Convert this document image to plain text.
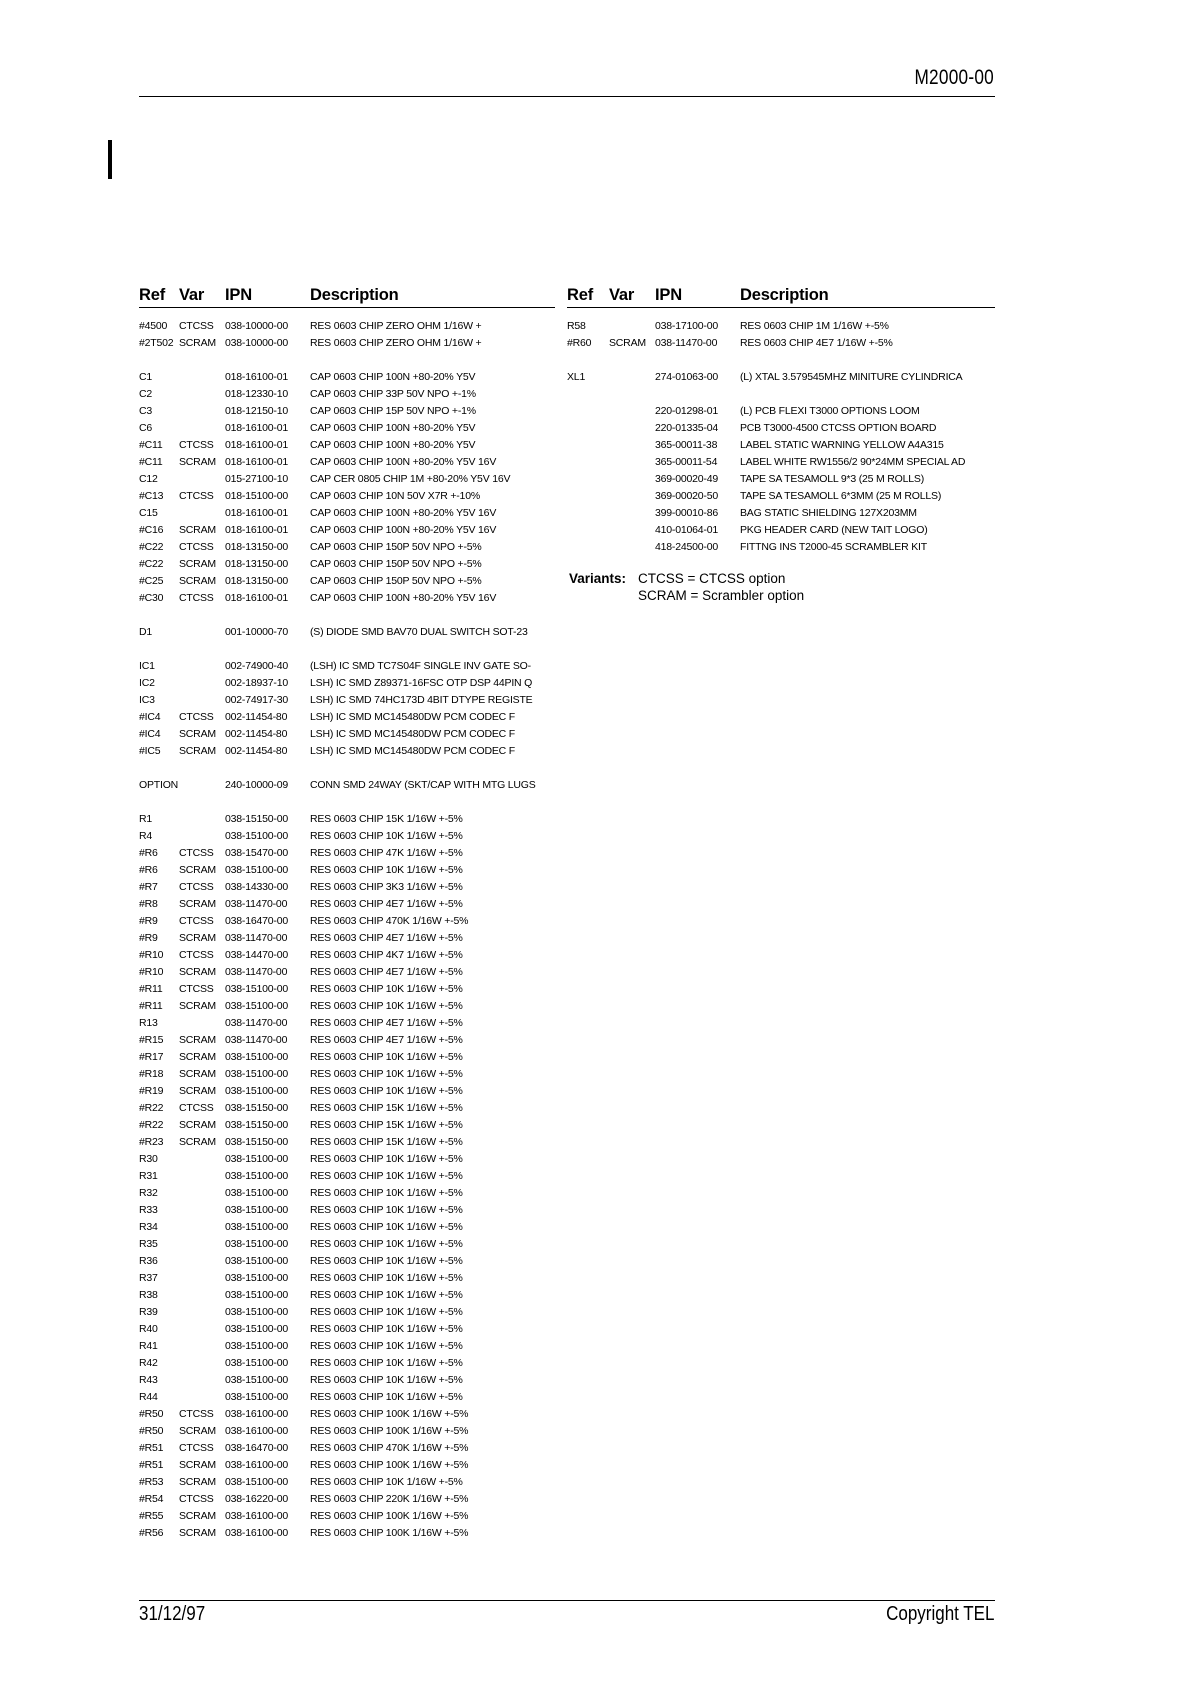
M2000-00
Ref Var IPN	Description
#4500 CTCSS 038-10000-00 RES 0603 CHIP ZERO OHM 1/16W +
#2T502 SCRAM 038-10000-00 RES 0603 CHIP ZERO OHM 1/16W +
C1	018-16100-01 CAP 0603 CHIP 100N +80-20% Y5V
C2	018-12330-10 CAP 0603 CHIP 33P 50V NPO +-1%
C3	018-12150-10 CAP 0603 CHIP 15P 50V NPO +-1%
C6	018-16100-01 CAP 0603 CHIP 100N +80-20% Y5V
#C11 CTCSS 018-16100-01 CAP 0603 CHIP 100N +80-20% Y5V
#C11 SCRAM 018-16100-01 CAP 0603 CHIP 100N +80-20% Y5V 16V
C12	015-27100-10 CAP CER 0805 CHIP 1M +80-20% Y5V 16V
#C13 CTCSS 018-15100-00 CAP 0603 CHIP 10N 50V X7R +-10%
C15	018-16100-01 CAP 0603 CHIP 100N +80-20% Y5V 16V
#C16 SCRAM 018-16100-01 CAP 0603 CHIP 100N +80-20% Y5V 16V
#C22 CTCSS 018-13150-00 CAP 0603 CHIP 150P 50V NPO +-5%
#C22 SCRAM 018-13150-00 CAP 0603 CHIP 150P 50V NPO +-5%
#C25 SCRAM 018-13150-00 CAP 0603 CHIP 150P 50V NPO +-5%
#C30 CTCSS 018-16100-01 CAP 0603 CHIP 100N +80-20% Y5V 16V
D1	001-10000-70 (S) DIODE SMD BAV70 DUAL SWITCH SOT-23
IC1	002-74900-40 (LSH) IC SMD TC7S04F SINGLE INV GATE SO-
IC2	002-18937-10 LSH) IC SMD Z89371-16FSC OTP DSP 44PIN Q
IC3	002-74917-30 LSH) IC SMD 74HC173D 4BIT DTYPE REGISTE
#IC4 CTCSS 002-11454-80 LSH) IC SMD MC145480DW PCM CODEC F
#IC4 SCRAM 002-11454-80 LSH) IC SMD MC145480DW PCM CODEC F
#IC5 SCRAM 002-11454-80 LSH) IC SMD MC145480DW PCM CODEC F
OPTION	240-10000-09 CONN SMD 24WAY (SKT/CAP WITH MTG LUGS
R1	038-15150-00 RES 0603 CHIP 15K 1/16W +-5%
R4	038-15100-00 RES 0603 CHIP 10K 1/16W +-5%
#R6 CTCSS 038-15470-00 RES 0603 CHIP 47K 1/16W +-5%
#R6 SCRAM 038-15100-00 RES 0603 CHIP 10K 1/16W +-5%
#R7 CTCSS 038-14330-00 RES 0603 CHIP 3K3 1/16W +-5%
#R8 SCRAM 038-11470-00 RES 0603 CHIP 4E7 1/16W +-5%
#R9 CTCSS 038-16470-00 RES 0603 CHIP 470K 1/16W +-5%
#R9 SCRAM 038-11470-00 RES 0603 CHIP 4E7 1/16W +-5%
#R10 CTCSS 038-14470-00 RES 0603 CHIP 4K7 1/16W +-5%
#R10 SCRAM 038-11470-00 RES 0603 CHIP 4E7 1/16W +-5%
#R11 CTCSS 038-15100-00 RES 0603 CHIP 10K 1/16W +-5%
#R11 SCRAM 038-15100-00 RES 0603 CHIP 10K 1/16W +-5%
R13	038-11470-00 RES 0603 CHIP 4E7 1/16W +-5%
#R15 SCRAM 038-11470-00 RES 0603 CHIP 4E7 1/16W +-5%
#R17 SCRAM 038-15100-00 RES 0603 CHIP 10K 1/16W +-5%
#R18 SCRAM 038-15100-00 RES 0603 CHIP 10K 1/16W +-5%
#R19 SCRAM 038-15100-00 RES 0603 CHIP 10K 1/16W +-5%
#R22 CTCSS 038-15150-00 RES 0603 CHIP 15K 1/16W +-5%
#R22 SCRAM 038-15150-00 RES 0603 CHIP 15K 1/16W +-5%
#R23 SCRAM 038-15150-00 RES 0603 CHIP 15K 1/16W +-5%
R30	038-15100-00 RES 0603 CHIP 10K 1/16W +-5%
R31	038-15100-00 RES 0603 CHIP 10K 1/16W +-5%
R32	038-15100-00 RES 0603 CHIP 10K 1/16W +-5%
R33	038-15100-00 RES 0603 CHIP 10K 1/16W +-5%
R34	038-15100-00 RES 0603 CHIP 10K 1/16W +-5%
R35	038-15100-00 RES 0603 CHIP 10K 1/16W +-5%
R36	038-15100-00 RES 0603 CHIP 10K 1/16W +-5%
R37	038-15100-00 RES 0603 CHIP 10K 1/16W +-5%
R38	038-15100-00 RES 0603 CHIP 10K 1/16W +-5%
R39	038-15100-00 RES 0603 CHIP 10K 1/16W +-5%
R40	038-15100-00 RES 0603 CHIP 10K 1/16W +-5%
R41	038-15100-00 RES 0603 CHIP 10K 1/16W +-5%
R42	038-15100-00 RES 0603 CHIP 10K 1/16W +-5%
R43	038-15100-00 RES 0603 CHIP 10K 1/16W +-5%
R44	038-15100-00 RES 0603 CHIP 10K 1/16W +-5%
#R50 CTCSS 038-16100-00 RES 0603 CHIP 100K 1/16W +-5%
#R50 SCRAM 038-16100-00 RES 0603 CHIP 100K 1/16W +-5%
#R51 CTCSS 038-16470-00 RES 0603 CHIP 470K 1/16W +-5%
#R51 SCRAM 038-16100-00 RES 0603 CHIP 100K 1/16W +-5%
#R53 SCRAM 038-15100-00 RES 0603 CHIP 10K 1/16W +-5%
#R54 CTCSS 038-16220-00 RES 0603 CHIP 220K 1/16W +-5%
#R55 SCRAM 038-16100-00 RES 0603 CHIP 100K 1/16W +-5%
#R56 SCRAM 038-16100-00 RES 0603 CHIP 100K 1/16W +-5%
Ref Var IPN	Description
R58	038-17100-00 RES 0603 CHIP 1M 1/16W +-5%
#R60 SCRAM 038-11470-00 RES 0603 CHIP 4E7 1/16W +-5%
XL1	274-01063-00 (L) XTAL 3.579545MHZ MINITURE CYLINDRICA
220-01298-01 (L) PCB FLEXI T3000 OPTIONS LOOM
220-01335-04 PCB T3000-4500 CTCSS OPTION BOARD
365-00011-38 LABEL STATIC WARNING YELLOW A4A315
365-00011-54 LABEL WHITE RW1556/2 90*24MM SPECIAL AD
369-00020-49 TAPE SA TESAMOLL 9*3 (25 M ROLLS)
369-00020-50 TAPE SA TESAMOLL 6*3MM (25 M ROLLS)
399-00010-86 BAG STATIC SHIELDING 127X203MM
410-01064-01 PKG HEADER CARD (NEW TAIT LOGO)
418-24500-00 FITTNG INS T2000-45 SCRAMBLER KIT
Variants: CTCSS = CTCSS option
SCRAM = Scrambler option
31/12/97	Copyright TEL
